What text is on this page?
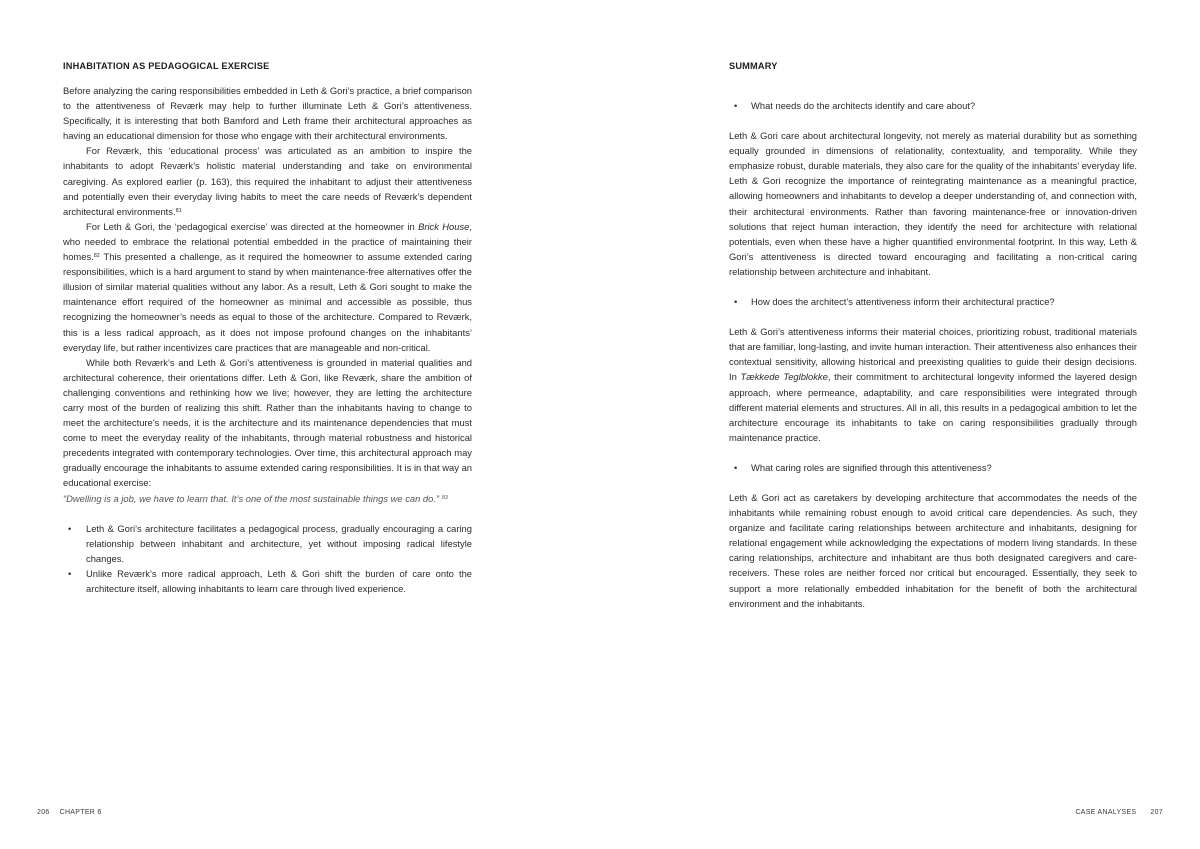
INHABITATION AS PEDAGOGICAL EXERCISE

Before analyzing the caring responsibilities embedded in Leth & Gori’s practice, a brief comparison to the attentiveness of Reværk may help to further illuminate Leth & Gori’s attentiveness. Specifically, it is interesting that both Bamford and Leth frame their architectural approaches as having an educational dimension for those who engage with their architectural environments.

For Reværk, this ‘educational process’ was articulated as an ambition to inspire the inhabitants to adopt Reværk’s holistic material understanding and take on environmental caregiving. As explored earlier (p. 163), this required the inhabitant to adjust their attentiveness and potentially even their everyday living habits to meet the care needs of Reværk’s dependent architectural environments.$^{81}$

For Leth & Gori, the ‘pedagogical exercise’ was directed at the homeowner in Brick House, who needed to embrace the relational potential embedded in the practice of maintaining their homes.$^{82}$ This presented a challenge, as it required the homeowner to assume extended caring responsibilities, which is a hard argument to stand by when maintenance-free alternatives offer the illusion of similar material qualities without any labor. As a result, Leth & Gori sought to make the maintenance effort required of the homeowner as minimal and accessible as possible, thus recognizing the homeowner’s needs as equal to those of the architecture. Compared to Reværk, this is a less radical approach, as it does not impose profound changes on the inhabitants’ everyday life, but rather incentivizes care practices that are manageable and non-critical.

While both Reværk’s and Leth & Gori’s attentiveness is grounded in material qualities and architectural coherence, their orientations differ. Leth & Gori, like Reværk, share the ambition of challenging conventions and rethinking how we live; however, they are letting the architecture carry most of the burden of realizing this shift. Rather than the inhabitants having to change to meet the architecture’s needs, it is the architecture and its maintenance dependencies that must come to meet the everyday reality of the inhabitants, through material robustness and historical precedents integrated with contemporary technologies. Over time, this architectural approach may gradually encourage the inhabitants to assume extended caring responsibilities. It is in that way an educational exercise:

“Dwelling is a job, we have to learn that. It’s one of the most sustainable things we can do.” $^{83}$

• Leth & Gori’s architecture facilitates a pedagogical process, gradually encouraging a caring relationship between inhabitant and architecture, yet without imposing radical lifestyle changes.
• Unlike Reværk’s more radical approach, Leth & Gori shift the burden of care onto the architecture itself, allowing inhabitants to learn care through lived experience.
206 CHAPTER 6
SUMMARY
• What needs do the architects identify and care about?

Leth & Gori care about architectural longevity, not merely as material durability but as something equally grounded in dimensions of relationality, contextuality, and temporality. While they emphasize robust, durable materials, they also care for the quality of the inhabitants’ everyday life. Leth & Gori recognize the importance of reintegrating maintenance as a meaningful practice, allowing homeowners and inhabitants to develop a deeper understanding of, and connection with, their architectural environments. Rather than favoring maintenance-free or innovation-driven solutions that reject human interaction, they identify the need for architecture with relational potentials, even when these have a higher quantified environmental footprint. In this way, Leth & Gori’s attentiveness is directed toward encouraging and facilitating a non-critical caring relationship between architecture and inhabitant.

• How does the architect’s attentiveness inform their architectural practice?

Leth & Gori’s attentiveness informs their material choices, prioritizing robust, traditional materials that are familiar, long-lasting, and invite human interaction. Their attentiveness also enhances their contextual sensitivity, allowing historical and preexisting qualities to guide their design decisions. In Tækkede Teglblokke, their commitment to architectural longevity informed the layered design approach, where permeance, adaptability, and care responsibilities were integrated through different material elements and structures. All in all, this results in a pedagogical ambition to let the architecture encourage its inhabitants to take on caring responsibilities gradually through maintenance practice.

• What caring roles are signified through this attentiveness?

Leth & Gori act as caretakers by developing architecture that accommodates the needs of the inhabitants while remaining robust enough to avoid critical care dependencies. As such, they organize and facilitate caring relationships between architecture and inhabitants, designing for relational engagement while acknowledging the expectations of modern living standards. In these caring relationships, architecture and inhabitant are thus both designated caregivers and care-receivers. These roles are neither forced nor critical but encouraged. Essentially, they seek to support a more relationally embedded inhabitation for the benefit of both the architectural environment and the inhabitants.

CASE ANALYSES 207
